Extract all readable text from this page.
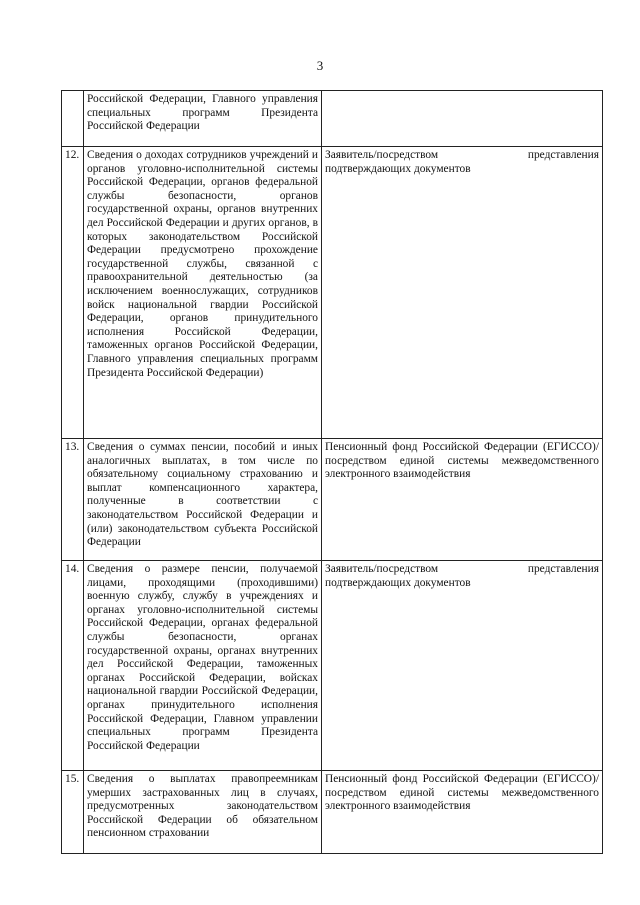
3
	Российской Федерации, Главного управления специальных программ Президента Российской Федерации	
12.	Сведения о доходах сотрудников учреждений и органов уголовно-исполнительной системы Российской Федерации, органов федеральной службы безопасности, органов государственной охраны, органов внутренних дел Российской Федерации и других органов, в которых законодательством Российской Федерации предусмотрено прохождение государственной службы, связанной с правоохранительной деятельностью (за исключением военнослужащих, сотрудников войск национальной гвардии Российской Федерации, органов принудительного исполнения Российской Федерации, таможенных органов Российской Федерации, Главного управления специальных программ Президента Российской Федерации)	Заявитель/посредством представления подтверждающих документов
13.	Сведения о суммах пенсии, пособий и иных аналогичных выплатах, в том числе по обязательному социальному страхованию и выплат компенсационного характера, полученные в соответствии с законодательством Российской Федерации и (или) законодательством субъекта Российской Федерации	Пенсионный фонд Российской Федерации (ЕГИССО)/посредством единой системы межведомственного электронного взаимодействия
14.	Сведения о размере пенсии, получаемой лицами, проходящими (проходившими) военную службу, службу в учреждениях и органах уголовно-исполнительной системы Российской Федерации, органах федеральной службы безопасности, органах государственной охраны, органах внутренних дел Российской Федерации, таможенных органах Российской Федерации, войсках национальной гвардии Российской Федерации, органах принудительного исполнения Российской Федерации, Главном управлении специальных программ Президента Российской Федерации	Заявитель/посредством представления подтверждающих документов
15.	Сведения о выплатах правопреемникам умерших застрахованных лиц в случаях, предусмотренных законодательством Российской Федерации об обязательном пенсионном страховании	Пенсионный фонд Российской Федерации (ЕГИССО)/посредством единой системы межведомственного электронного взаимодействия
